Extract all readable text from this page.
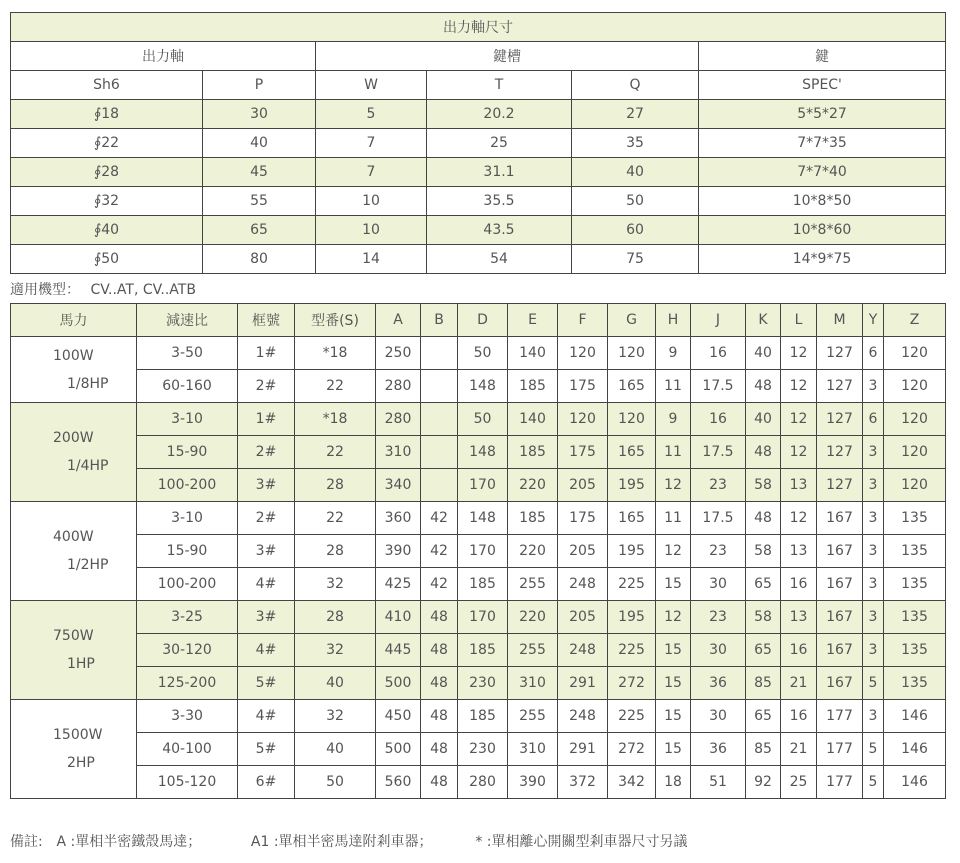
出力軸尺寸					
出力軸		鍵槽			鍵
Sh6	P	W	T	Q	SPEC'
∮18	30	5	20.2	27	5*5*27
∮22	40	7	25	35	7*7*35
∮28	45	7	31.1	40	7*7*40
∮32	55	10	35.5	50	10*8*50
∮40	65	10	43.5	60	10*8*60
∮50	80	14	54	75	14*9*75
適用機型： CV..AT, CV..ATB
馬力	減速比	框號	型番(S)	A	B	D	E	F	G	H	J	K	L	M	Y	Z

100W
1/8HP	3-50	1#	*18	250		50	140	120	120	9	16	40	12	127	6	120
	60-160	2#	22	280		148	185	175	165	11	17.5	48	12	127	3	120

200W
1/4HP	3-10	1#	*18	280		50	140	120	120	9	16	40	12	127	6	120
	15-90	2#	22	310		148	185	175	165	11	17.5	48	12	127	3	120
	100-200	3#	28	340		170	220	205	195	12	23	58	13	127	3	120

400W
1/2HP	3-10	2#	22	360	42	148	185	175	165	11	17.5	48	12	167	3	135
	15-90	3#	28	390	42	170	220	205	195	12	23	58	13	167	3	135
	100-200	4#	32	425	42	185	255	248	225	15	30	65	16	167	3	135

750W
1HP	3-25	3#	28	410	48	170	220	205	195	12	23	58	13	167	3	135
	30-120	4#	32	445	48	185	255	248	225	15	30	65	16	167	3	135
	125-200	5#	40	500	48	230	310	291	272	15	36	85	21	167	5	135

1500W
2HP	3-30	4#	32	450	48	185	255	248	225	15	30	65	16	177	3	146
	40-100	5#	40	500	48	230	310	291	272	15	36	85	21	177	5	146
	105-120	6#	50	560	48	280	390	372	342	18	51	92	25	177	5	146
備註: A :單相半密鐵殼馬達；	A1 :單相半密馬達附剎車器；	* :單相離心開關型剎車器尺寸另議
